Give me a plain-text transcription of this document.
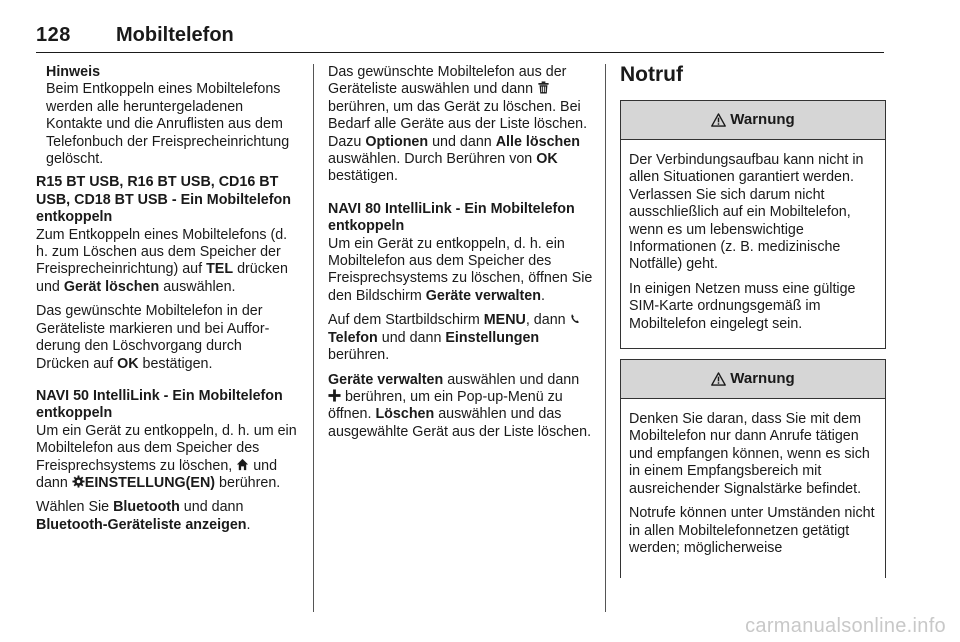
128 Mobiltelefon
Hinweis
Beim Entkoppeln eines Mobiltelefons werden alle heruntergeladenen Kontakte und die Anruflisten aus dem Telefonbuch der Freisprecheinrichtung gelöscht.

R15 BT USB, R16 BT USB, CD16 BT USB, CD18 BT USB - Ein Mobiltelefon entkoppeln

Zum Entkoppeln eines Mobiltelefons (d. h. zum Löschen aus dem Speicher der Freisprecheinrichtung) auf TEL drücken und Gerät löschen auswählen.

Das gewünschte Mobiltelefon in der Geräteliste markieren und bei Aufforderung den Löschvorgang durch Drücken auf OK bestätigen.

NAVI 50 IntelliLink - Ein Mobiltelefon entkoppeln

Um ein Gerät zu entkoppeln, d. h. um ein Mobiltelefon aus dem Speicher des Freisprechsystems zu löschen, und dann EINSTELLUNG(EN) berühren.

Wählen Sie Bluetooth und dann Bluetooth-Geräteliste anzeigen.

Das gewünschte Mobiltelefon aus der Geräteliste auswählen und dann  berühren, um das Gerät zu löschen. Bei Bedarf alle Geräte aus der Liste löschen. Dazu Optionen und dann Alle löschen auswählen. Durch Berühren von OK bestätigen.

NAVI 80 IntelliLink - Ein Mobiltelefon entkoppeln

Um ein Gerät zu entkoppeln, d. h. ein Mobiltelefon aus dem Speicher des Freisprechsystems zu löschen, öffnen Sie den Bildschirm Geräte verwalten.

Auf dem Startbildschirm MENU, dann Telefon und dann Einstellungen berühren.

Geräte verwalten auswählen und dann  berühren, um ein Pop-up-Menü zu öffnen. Löschen auswählen und das ausgewählte Gerät aus der Liste löschen.

Notruf
Warnung

Der Verbindungsaufbau kann nicht in allen Situationen garantiert werden. Verlassen Sie sich darum nicht ausschließlich auf ein Mobiltelefon, wenn es um lebenswichtige Informationen (z. B. medizinische Notfälle) geht.

In einigen Netzen muss eine gültige SIM-Karte ordnungsgemäß im Mobiltelefon eingelegt sein.

Warnung

Denken Sie daran, dass Sie mit dem Mobiltelefon nur dann Anrufe tätigen und empfangen können, wenn es sich in einem Empfangsbereich mit ausreichender Signalstärke befindet.

Notrufe können unter Umständen nicht in allen Mobiltelefonnetzen getätigt werden; möglicherweise

carmanualsonline.info
